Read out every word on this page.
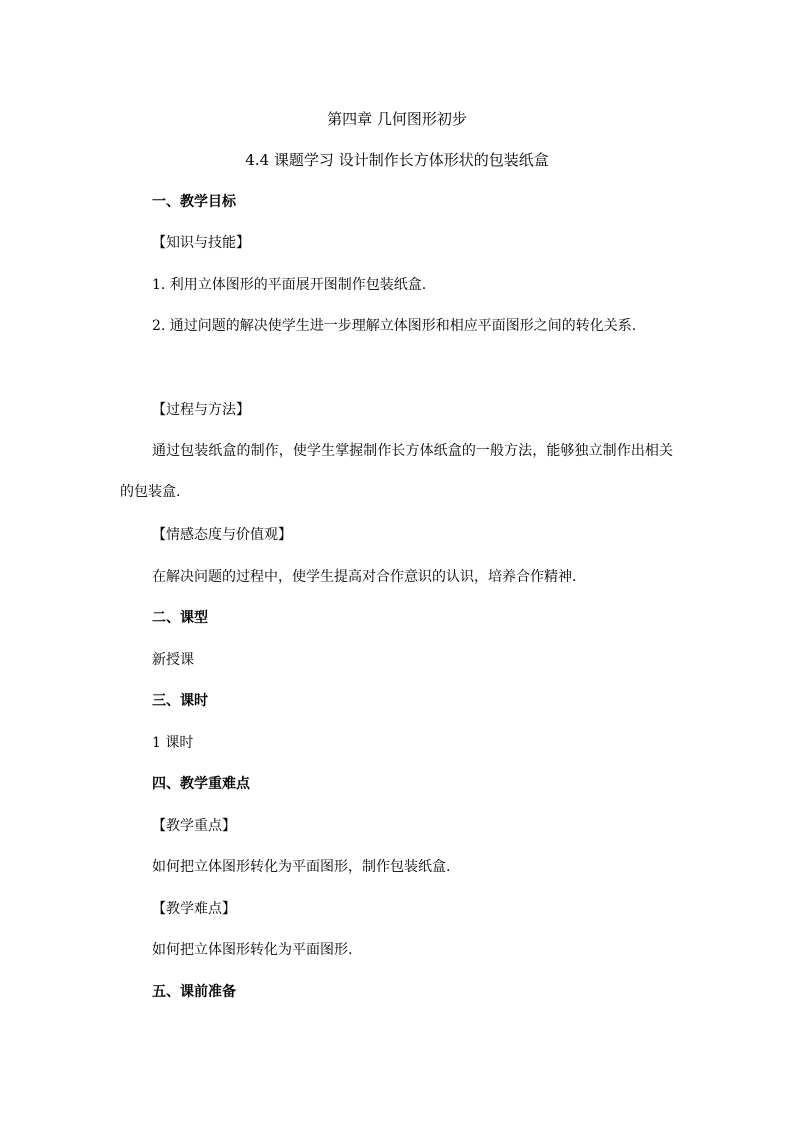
第四章 几何图形初步
4.4 课题学习 设计制作长方体形状的包装纸盒
一、教学目标
【知识与技能】
1. 利用立体图形的平面展开图制作包装纸盒.
2. 通过问题的解决使学生进一步理解立体图形和相应平面图形之间的转化关系.
【过程与方法】
通过包装纸盒的制作，使学生掌握制作长方体纸盒的一般方法，能够独立制作出相关的包装盒.
【情感态度与价值观】
在解决问题的过程中，使学生提高对合作意识的认识，培养合作精神.
二、课型
新授课
三、课时
1 课时
四、教学重难点
【教学重点】
如何把立体图形转化为平面图形，制作包装纸盒.
【教学难点】
如何把立体图形转化为平面图形.
五、课前准备
